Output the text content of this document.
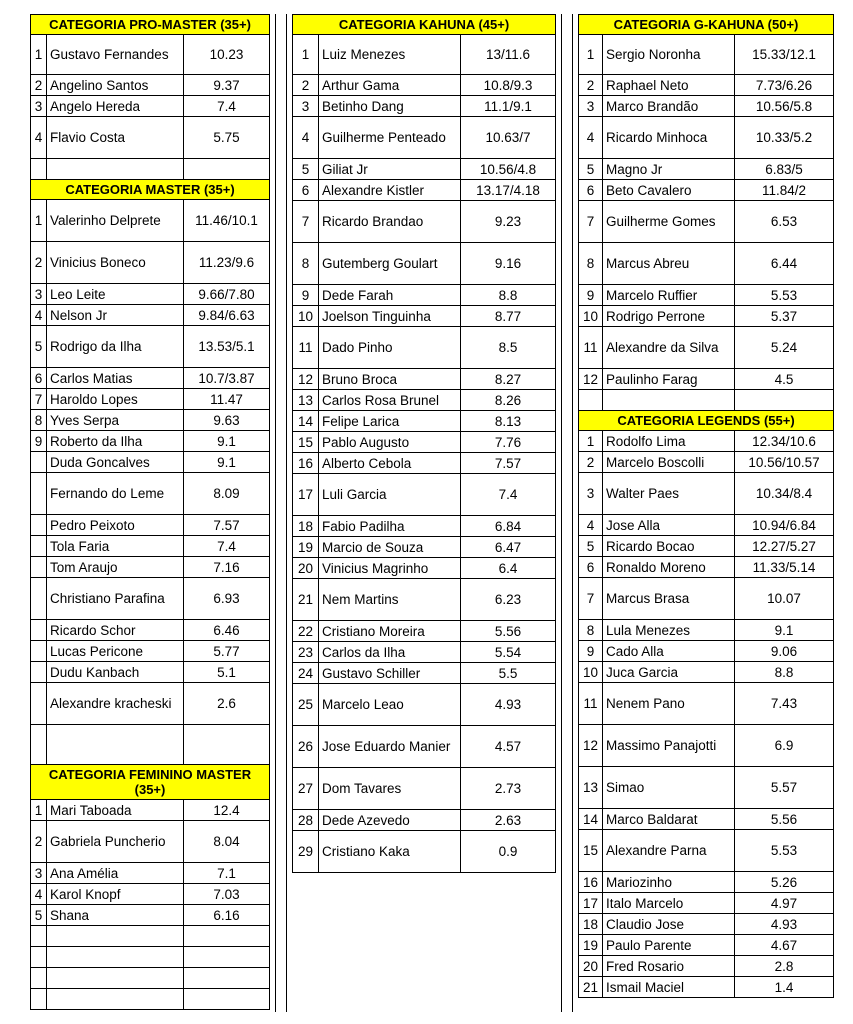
CATEGORIA PRO-MASTER (35+)		
1	Gustavo Fernandes	10.23
2	Angelino Santos	9.37
3	Angelo Hereda	7.4
4	Flavio Costa	5.75

CATEGORIA MASTER (35+)		
1	Valerinho Delprete	11.46/10.1
2	Vinicius Boneco	11.23/9.6
3	Leo Leite	9.66/7.80
4	Nelson Jr	9.84/6.63
5	Rodrigo da Ilha	13.53/5.1
6	Carlos Matias	10.7/3.87
7	Haroldo Lopes	11.47
8	Yves Serpa	9.63
9	Roberto da Ilha	9.1
	Duda Goncalves	9.1
	Fernando do Leme	8.09
	Pedro Peixoto	7.57
	Tola Faria	7.4
	Tom Araujo	7.16
	Christiano Parafina	6.93
	Ricardo Schor	6.46
	Lucas Pericone	5.77
	Dudu Kanbach	5.1
	Alexandre kracheski	2.6

CATEGORIA FEMININO MASTER (35+)		
1	Mari Taboada	12.4
2	Gabriela Puncherio	8.04
3	Ana Amélia	7.1
4	Karol Knopf	7.03
5	Shana	6.16

CATEGORIA KAHUNA (45+)		
1	Luiz Menezes	13/11.6
2	Arthur Gama	10.8/9.3
3	Betinho Dang	11.1/9.1
4	Guilherme Penteado	10.63/7
5	Giliat Jr	10.56/4.8
6	Alexandre Kistler	13.17/4.18
7	Ricardo Brandao	9.23
8	Gutemberg Goulart	9.16
9	Dede Farah	8.8
10	Joelson Tinguinha	8.77
11	Dado Pinho	8.5
12	Bruno Broca	8.27
13	Carlos Rosa Brunel	8.26
14	Felipe Larica	8.13
15	Pablo Augusto	7.76
16	Alberto Cebola	7.57
17	Luli Garcia	7.4
18	Fabio Padilha	6.84
19	Marcio de Souza	6.47
20	Vinicius Magrinho	6.4
21	Nem Martins	6.23
22	Cristiano Moreira	5.56
23	Carlos da Ilha	5.54
24	Gustavo Schiller	5.5
25	Marcelo Leao	4.93
26	Jose Eduardo Manier	4.57
27	Dom Tavares	2.73
28	Dede Azevedo	2.63
29	Cristiano Kaka	0.9
CATEGORIA G-KAHUNA (50+)		
1	Sergio Noronha	15.33/12.1
2	Raphael Neto	7.73/6.26
3	Marco Brandão	10.56/5.8
4	Ricardo Minhoca	10.33/5.2
5	Magno Jr	6.83/5
6	Beto Cavalero	11.84/2
7	Guilherme Gomes	6.53
8	Marcus Abreu	6.44
9	Marcelo Ruffier	5.53
10	Rodrigo Perrone	5.37
11	Alexandre da Silva	5.24
12	Paulinho Farag	4.5

CATEGORIA LEGENDS (55+)		
1	Rodolfo Lima	12.34/10.6
2	Marcelo Boscolli	10.56/10.57
3	Walter Paes	10.34/8.4
4	Jose Alla	10.94/6.84
5	Ricardo Bocao	12.27/5.27
6	Ronaldo Moreno	11.33/5.14
7	Marcus Brasa	10.07
8	Lula Menezes	9.1
9	Cado Alla	9.06
10	Juca Garcia	8.8
11	Nenem Pano	7.43
12	Massimo Panajotti	6.9
13	Simao	5.57
14	Marco Baldarat	5.56
15	Alexandre Parna	5.53
16	Mariozinho	5.26
17	Italo Marcelo	4.97
18	Claudio Jose	4.93
19	Paulo Parente	4.67
20	Fred Rosario	2.8
21	Ismail Maciel	1.4
